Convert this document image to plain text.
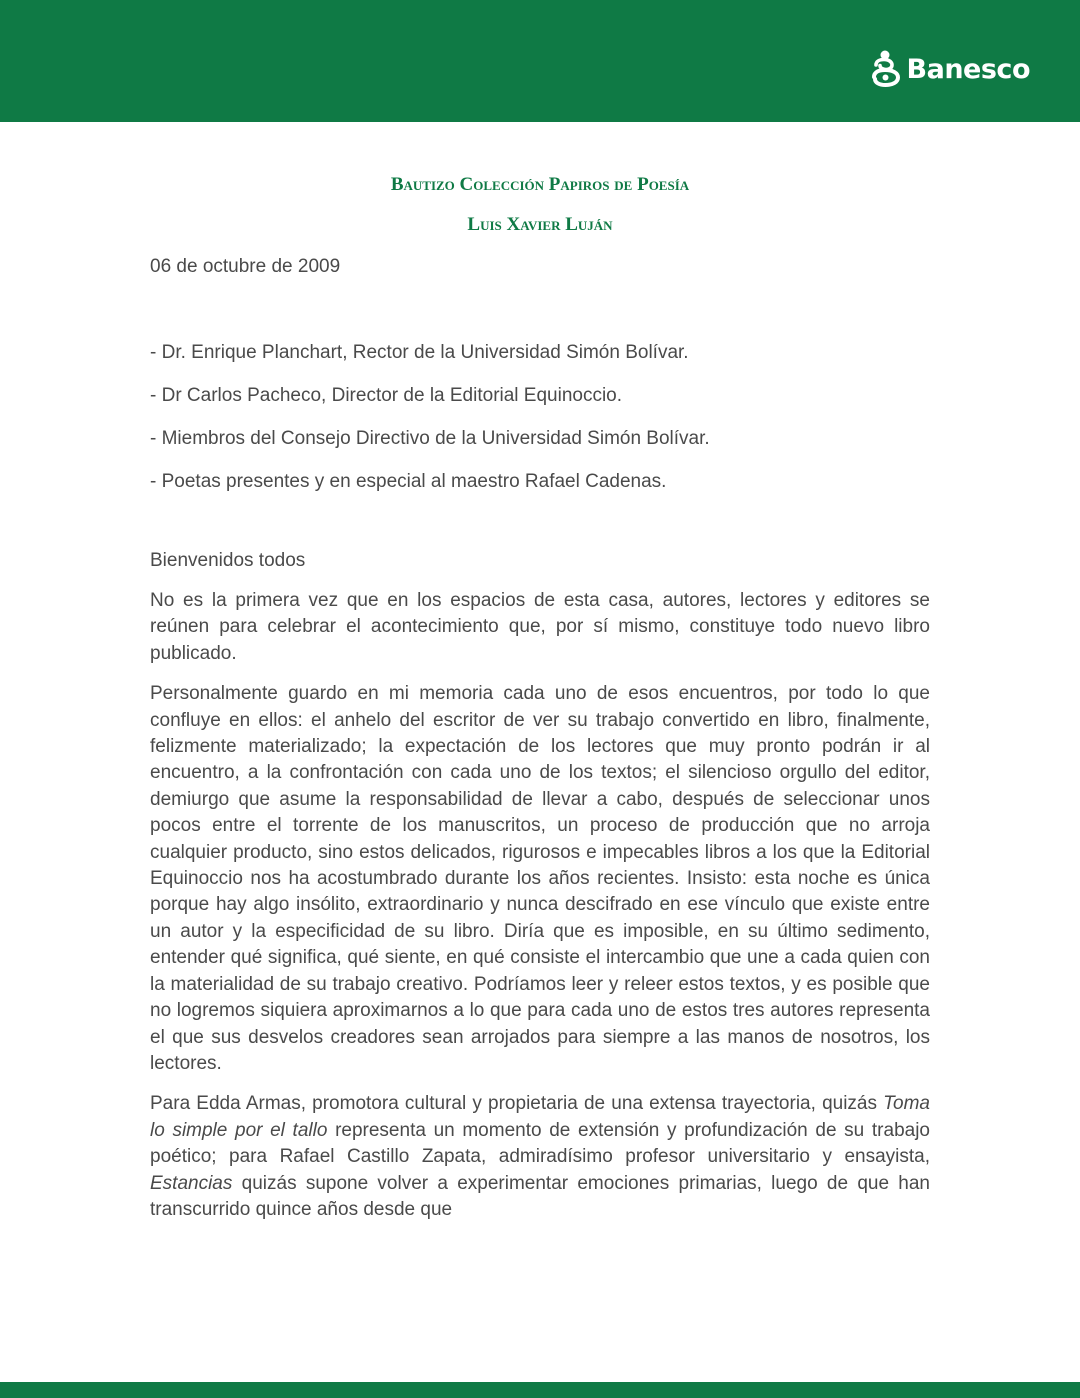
Banesco
Bautizo Colección Papiros de Poesía
Luis Xavier Luján

06 de octubre de 2009

- Dr. Enrique Planchart, Rector de la Universidad Simón Bolívar.
- Dr Carlos Pacheco, Director de la Editorial Equinoccio.
- Miembros del Consejo Directivo de la Universidad Simón Bolívar.
- Poetas presentes y en especial al maestro Rafael Cadenas.

Bienvenidos todos

No es la primera vez que en los espacios de esta casa, autores, lectores y editores se reúnen para celebrar el acontecimiento que, por sí mismo, constituye todo nuevo libro publicado.

Personalmente guardo en mi memoria cada uno de esos encuentros, por todo lo que confluye en ellos: el anhelo del escritor de ver su trabajo convertido en libro, finalmente, felizmente materializado; la expectación de los lectores que muy pronto podrán ir al encuentro, a la confrontación con cada uno de los textos; el silencioso orgullo del editor, demiurgo que asume la responsabilidad de llevar a cabo, después de seleccionar unos pocos entre el torrente de los manuscritos, un proceso de producción que no arroja cualquier producto, sino estos delicados, rigurosos e impecables libros a los que la Editorial Equinoccio nos ha acostumbrado durante los años recientes. Insisto: esta noche es única porque hay algo insólito, extraordinario y nunca descifrado en ese vínculo que existe entre un autor y la especificidad de su libro. Diría que es imposible, en su último sedimento, entender qué significa, qué siente, en qué consiste el intercambio que une a cada quien con la materialidad de su trabajo creativo. Podríamos leer y releer estos textos, y es posible que no logremos siquiera aproximarnos a lo que para cada uno de estos tres autores representa el que sus desvelos creadores sean arrojados para siempre a las manos de nosotros, los lectores.

Para Edda Armas, promotora cultural y propietaria de una extensa trayectoria, quizás Toma lo simple por el tallo representa un momento de extensión y profundización de su trabajo poético; para Rafael Castillo Zapata, admiradísimo profesor universitario y ensayista, Estancias quizás supone volver a experimentar emociones primarias, luego de que han transcurrido quince años desde que
